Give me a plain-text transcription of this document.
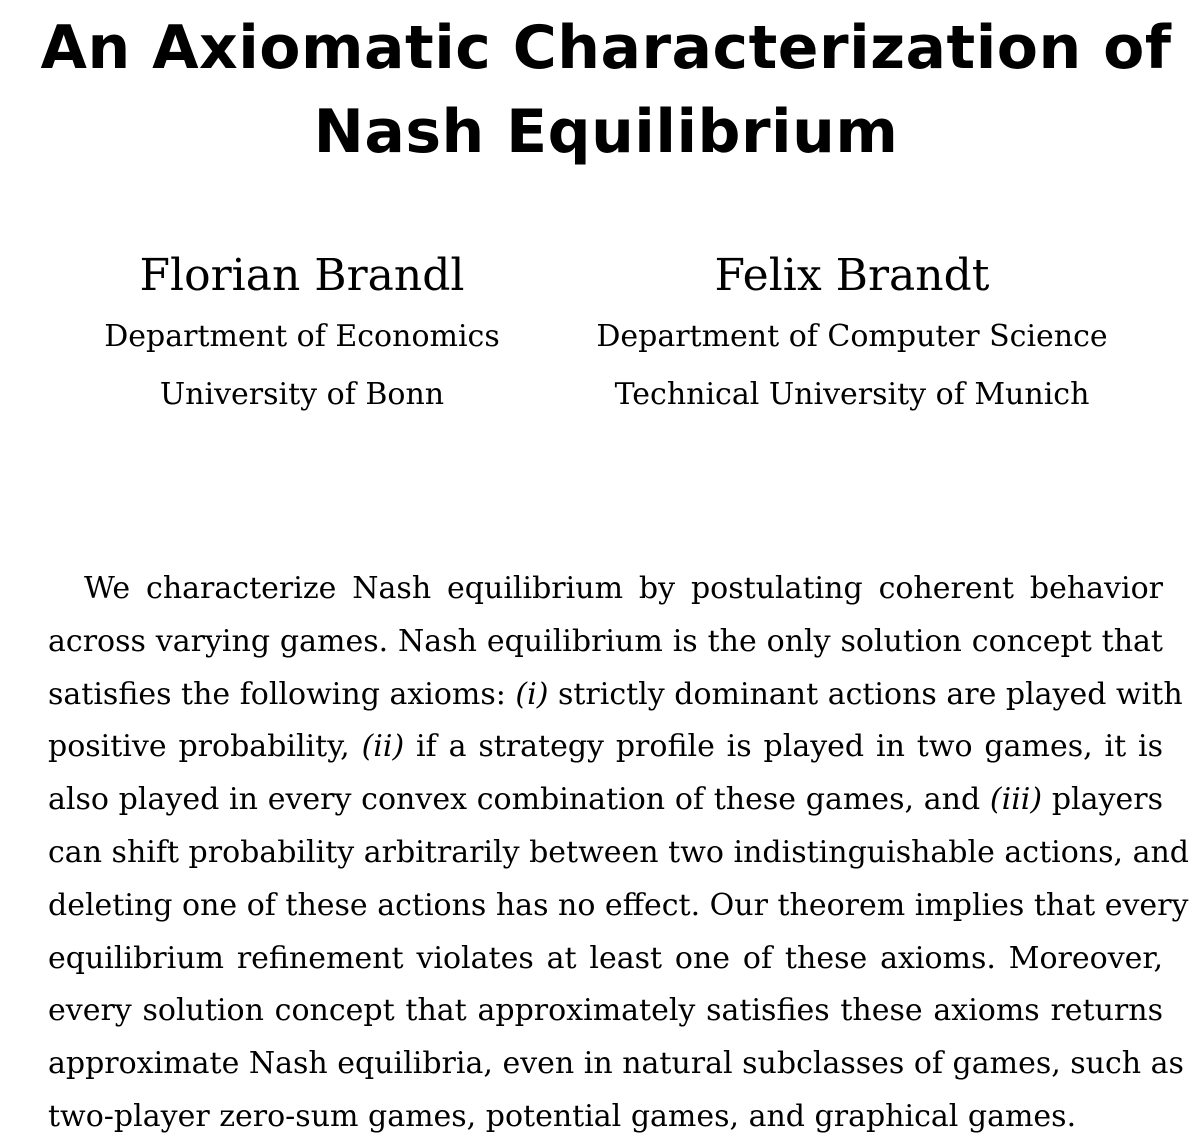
An Axiomatic Characterization of
Nash Equilibrium
Florian Brandl
Department of Economics
University of Bonn
Felix Brandt
Department of Computer Science
Technical University of Munich
We characterize Nash equilibrium by postulating coherent behavior
across varying games. Nash equilibrium is the only solution concept that
satisfies the following axioms: (i) strictly dominant actions are played with
positive probability, (ii) if a strategy profile is played in two games, it is
also played in every convex combination of these games, and (iii) players
can shift probability arbitrarily between two indistinguishable actions, and
deleting one of these actions has no effect. Our theorem implies that every
equilibrium refinement violates at least one of these axioms. Moreover,
every solution concept that approximately satisfies these axioms returns
approximate Nash equilibria, even in natural subclasses of games, such as
two-player zero-sum games, potential games, and graphical games.
